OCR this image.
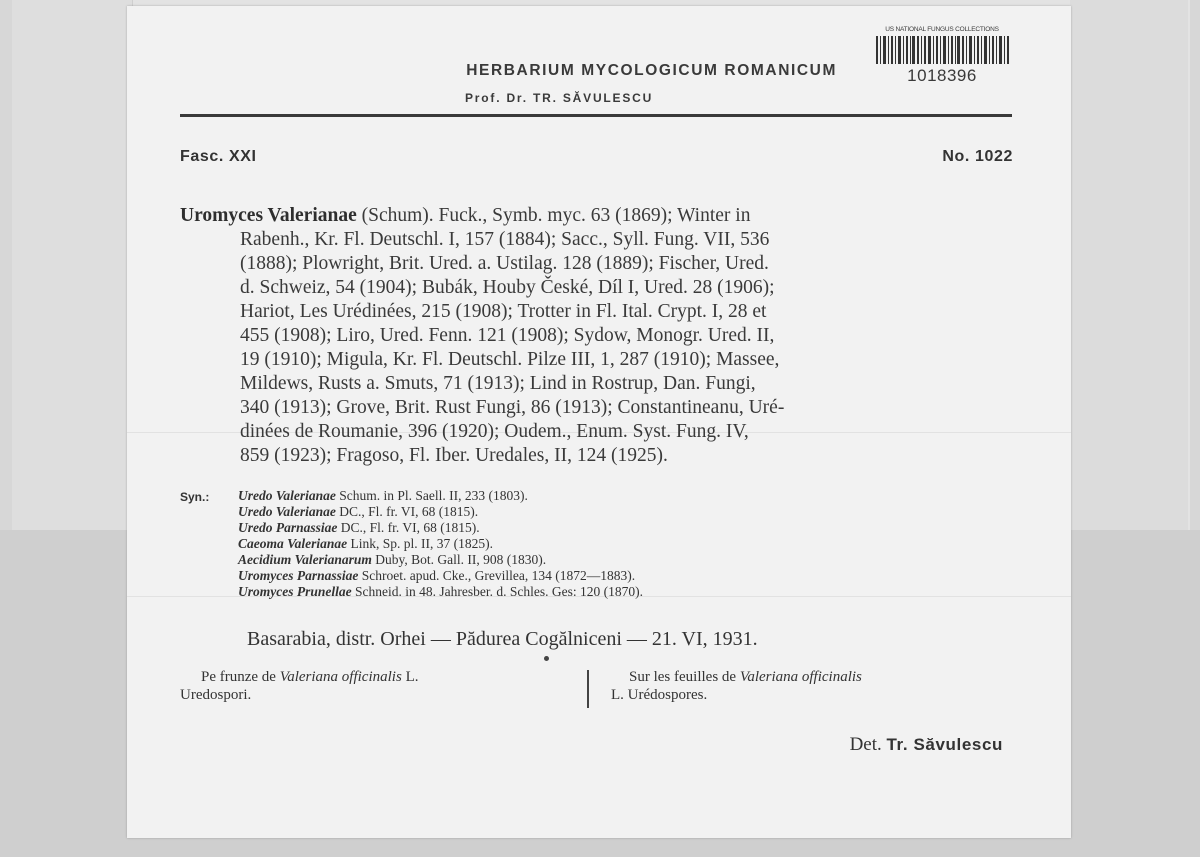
HERBARIUM MYCOLOGICUM ROMANICUM
Prof. Dr. TR. SĂVULESCU
US NATIONAL FUNGUS COLLECTIONS
1018396
Fasc. XXI	No. 1022
Uromyces Valerianae (Schum). Fuck., Symb. myc. 63 (1869); Winter in
Rabenh., Kr. Fl. Deutschl. I, 157 (1884); Sacc., Syll. Fung. VII, 536
(1888); Plowright, Brit. Ured. a. Ustilag. 128 (1889); Fischer, Ured.
d. Schweiz, 54 (1904); Bubák, Houby České, Díl I, Ured. 28 (1906);
Hariot, Les Urédinées, 215 (1908); Trotter in Fl. Ital. Crypt. I, 28 et
455 (1908); Liro, Ured. Fenn. 121 (1908); Sydow, Monogr. Ured. II,
19 (1910); Migula, Kr. Fl. Deutschl. Pilze III, 1, 287 (1910); Massee,
Mildews, Rusts a. Smuts, 71 (1913); Lind in Rostrup, Dan. Fungi,
340 (1913); Grove, Brit. Rust Fungi, 86 (1913); Constantineanu, Uré-
dinées de Roumanie, 396 (1920); Oudem., Enum. Syst. Fung. IV,
859 (1923); Fragoso, Fl. Iber. Uredales, II, 124 (1925).
Syn.: Uredo Valerianae Schum. in Pl. Saell. II, 233 (1803).
Uredo Valerianae DC., Fl. fr. VI, 68 (1815).
Uredo Parnassiae DC., Fl. fr. VI, 68 (1815).
Caeoma Valerianae Link, Sp. pl. II, 37 (1825).
Aecidium Valerianarum Duby, Bot. Gall. II, 908 (1830).
Uromyces Parnassiae Schroet. apud. Cke., Grevillea, 134 (1872—1883).
Uromyces Prunellae Schneid. in 48. Jahresber. d. Schles. Ges: 120 (1870).
Basarabia, distr. Orhei — Pădurea Cogălniceni — 21. VI, 1931.
Pe frunze de Valeriana officinalis L.
Uredospori.
Sur les feuilles de Valeriana officinalis
L. Urédospores.
Det. Tr. Săvulescu
